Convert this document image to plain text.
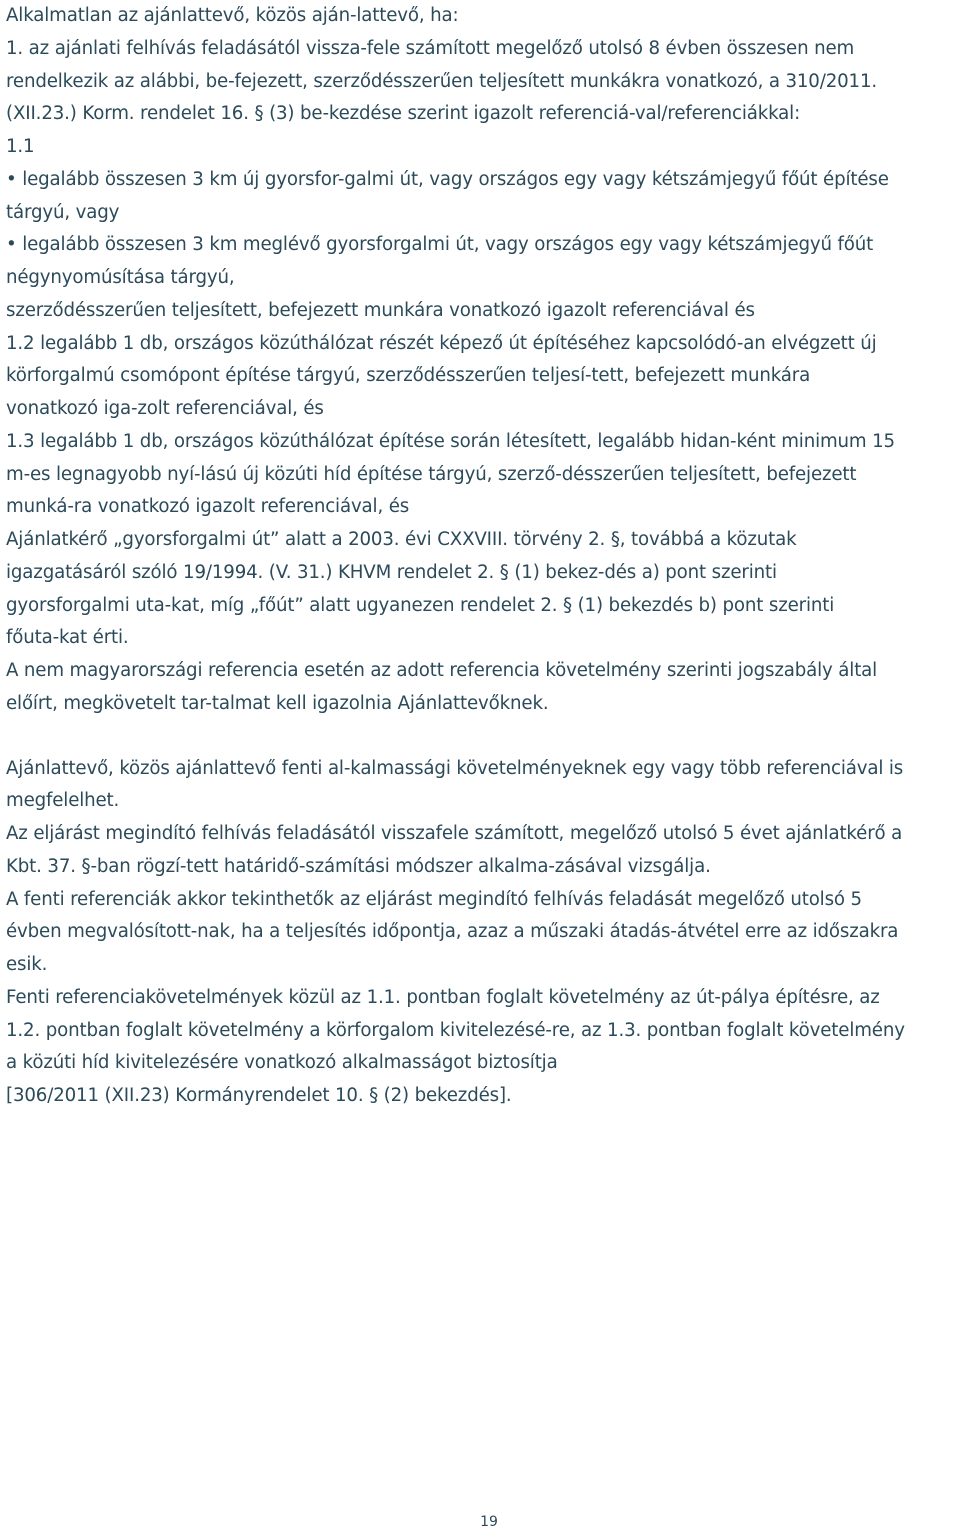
Alkalmatlan az ajánlattevő, közös aján-lattevő, ha:
1. az ajánlati felhívás feladásától vissza-fele számított megelőző utolsó 8 évben összesen nem
rendelkezik az alábbi, be-fejezett, szerződésszerűen teljesített munkákra vonatkozó, a 310/2011.
(XII.23.) Korm. rendelet 16. § (3) be-kezdése szerint igazolt referenciá-val/referenciákkal:
1.1
• legalább összesen 3 km új gyorsfor-galmi út, vagy országos egy vagy kétszámjegyű főút építése
tárgyú, vagy
• legalább összesen 3 km meglévő gyorsforgalmi út, vagy országos egy vagy kétszámjegyű főút
négynyomúsítása tárgyú,
szerződésszerűen teljesített, befejezett munkára vonatkozó igazolt referenciával és
1.2 legalább 1 db, országos közúthálózat részét képező út építéséhez kapcsolódó-an elvégzett új
körforgalmú csomópont építése tárgyú, szerződésszerűen teljesí-tett, befejezett munkára
vonatkozó iga-zolt referenciával, és
1.3 legalább 1 db, országos közúthálózat építése során létesített, legalább hidan-ként minimum 15
m-es legnagyobb nyí-lású új közúti híd építése tárgyú, szerző-désszerűen teljesített, befejezett
munká-ra vonatkozó igazolt referenciával, és
Ajánlatkérő „gyorsforgalmi út” alatt a 2003. évi CXXVIII. törvény 2. §, továbbá a közutak
igazgatásáról szóló 19/1994. (V. 31.) KHVM rendelet 2. § (1) bekez-dés a) pont szerinti
gyorsforgalmi uta-kat, míg „főút” alatt ugyanezen rendelet 2. § (1) bekezdés b) pont szerinti
főuta-kat érti.
A nem magyarországi referencia esetén az adott referencia követelmény szerinti jogszabály által
előírt, megkövetelt tar-talmat kell igazolnia Ajánlattevőknek.
Ajánlattevő, közös ajánlattevő fenti al-kalmassági követelményeknek egy vagy több referenciával is
megfelelhet.
Az eljárást megindító felhívás feladásától visszafele számított, megelőző utolsó 5 évet ajánlatkérő a
Kbt. 37. §-ban rögzí-tett határidő-számítási módszer alkalma-zásával vizsgálja.
A fenti referenciák akkor tekinthetők az eljárást megindító felhívás feladását megelőző utolsó 5
évben megvalósított-nak, ha a teljesítés időpontja, azaz a műszaki átadás-átvétel erre az időszakra
esik.
Fenti referenciakövetelmények közül az 1.1. pontban foglalt követelmény az út-pálya építésre, az
1.2. pontban foglalt követelmény a körforgalom kivitelezésé-re, az 1.3. pontban foglalt követelmény
a közúti híd kivitelezésére vonatkozó alkalmasságot biztosítja
[306/2011 (XII.23) Kormányrendelet 10. § (2) bekezdés].
19
